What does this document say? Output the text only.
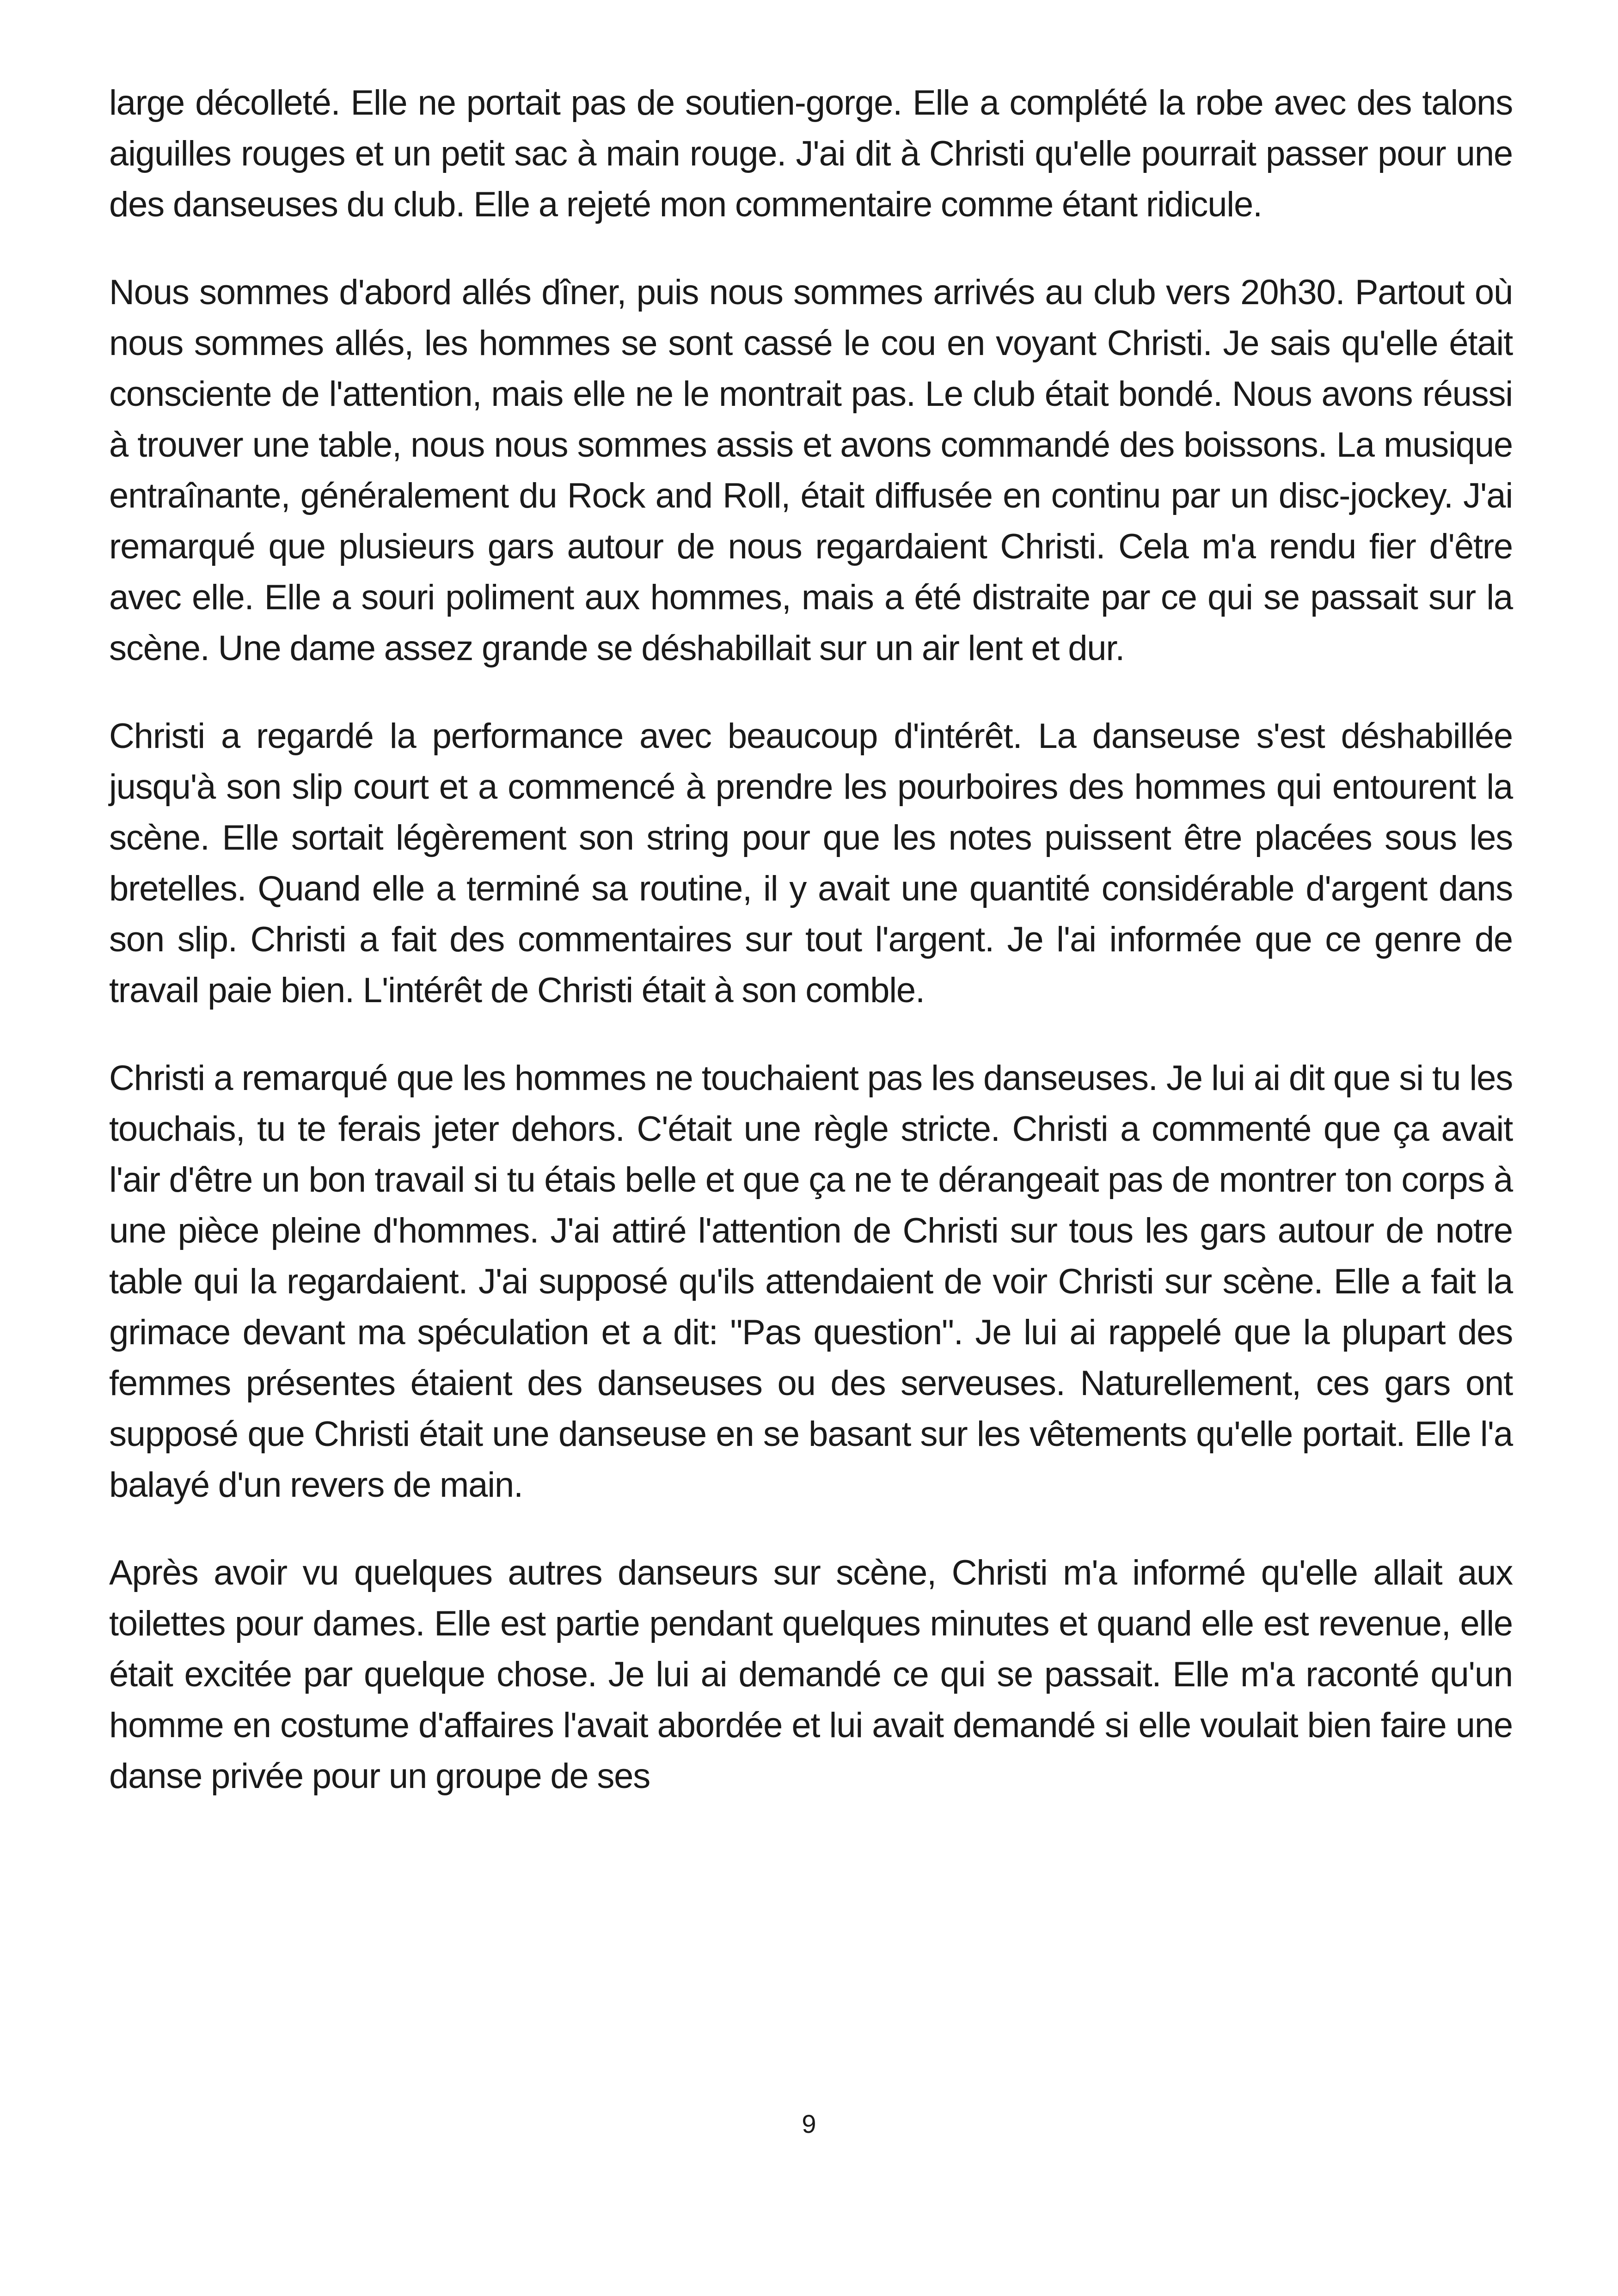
large décolleté. Elle ne portait pas de soutien-gorge. Elle a complété la robe avec des talons aiguilles rouges et un petit sac à main rouge. J'ai dit à Christi qu'elle pourrait passer pour une des danseuses du club. Elle a rejeté mon commentaire comme étant ridicule.

Nous sommes d'abord allés dîner, puis nous sommes arrivés au club vers 20h30. Partout où nous sommes allés, les hommes se sont cassé le cou en voyant Christi. Je sais qu'elle était consciente de l'attention, mais elle ne le montrait pas. Le club était bondé. Nous avons réussi à trouver une table, nous nous sommes assis et avons commandé des boissons. La musique entraînante, généralement du Rock and Roll, était diffusée en continu par un disc-jockey. J'ai remarqué que plusieurs gars autour de nous regardaient Christi. Cela m'a rendu fier d'être avec elle. Elle a souri poliment aux hommes, mais a été distraite par ce qui se passait sur la scène. Une dame assez grande se déshabillait sur un air lent et dur.

Christi a regardé la performance avec beaucoup d'intérêt. La danseuse s'est déshabillée jusqu'à son slip court et a commencé à prendre les pourboires des hommes qui entourent la scène. Elle sortait légèrement son string pour que les notes puissent être placées sous les bretelles. Quand elle a terminé sa routine, il y avait une quantité considérable d'argent dans son slip. Christi a fait des commentaires sur tout l'argent. Je l'ai informée que ce genre de travail paie bien. L'intérêt de Christi était à son comble.

Christi a remarqué que les hommes ne touchaient pas les danseuses. Je lui ai dit que si tu les touchais, tu te ferais jeter dehors. C'était une règle stricte. Christi a commenté que ça avait l'air d'être un bon travail si tu étais belle et que ça ne te dérangeait pas de montrer ton corps à une pièce pleine d'hommes. J'ai attiré l'attention de Christi sur tous les gars autour de notre table qui la regardaient. J'ai supposé qu'ils attendaient de voir Christi sur scène. Elle a fait la grimace devant ma spéculation et a dit: "Pas question". Je lui ai rappelé que la plupart des femmes présentes étaient des danseuses ou des serveuses. Naturellement, ces gars ont supposé que Christi était une danseuse en se basant sur les vêtements qu'elle portait. Elle l'a balayé d'un revers de main.

Après avoir vu quelques autres danseurs sur scène, Christi m'a informé qu'elle allait aux toilettes pour dames. Elle est partie pendant quelques minutes et quand elle est revenue, elle était excitée par quelque chose. Je lui ai demandé ce qui se passait. Elle m'a raconté qu'un homme en costume d'affaires l'avait abordée et lui avait demandé si elle voulait bien faire une danse privée pour un groupe de ses

9
